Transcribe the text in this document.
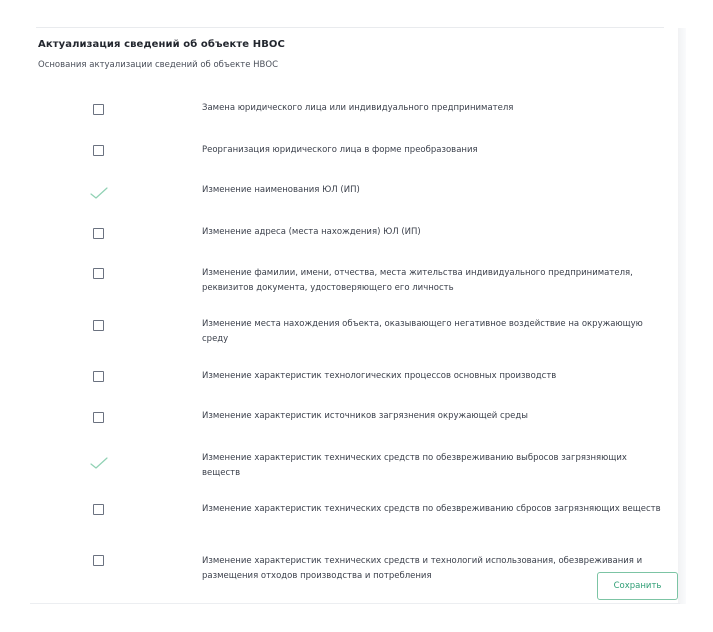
Актуализация сведений об объекте НВОС
Основания актуализации сведений об объекте НВОС
Замена юридического лица или индивидуального предпринимателя
Реорганизация юридического лица в форме преобразования
Изменение наименования ЮЛ (ИП)
Изменение адреса (места нахождения) ЮЛ (ИП)
Изменение фамилии, имени, отчества, места жительства индивидуального предпринимателя, реквизитов документа, удостоверяющего его личность
Изменение места нахождения объекта, оказывающего негативное воздействие на окружающую среду
Изменение характеристик технологических процессов основных производств
Изменение характеристик источников загрязнения окружающей среды
Изменение характеристик технических средств по обезвреживанию выбросов загрязняющих веществ
Изменение характеристик технических средств по обезвреживанию сбросов загрязняющих веществ
Изменение характеристик технических средств и технологий использования, обезвреживания и размещения отходов производства и потребления
Сохранить
